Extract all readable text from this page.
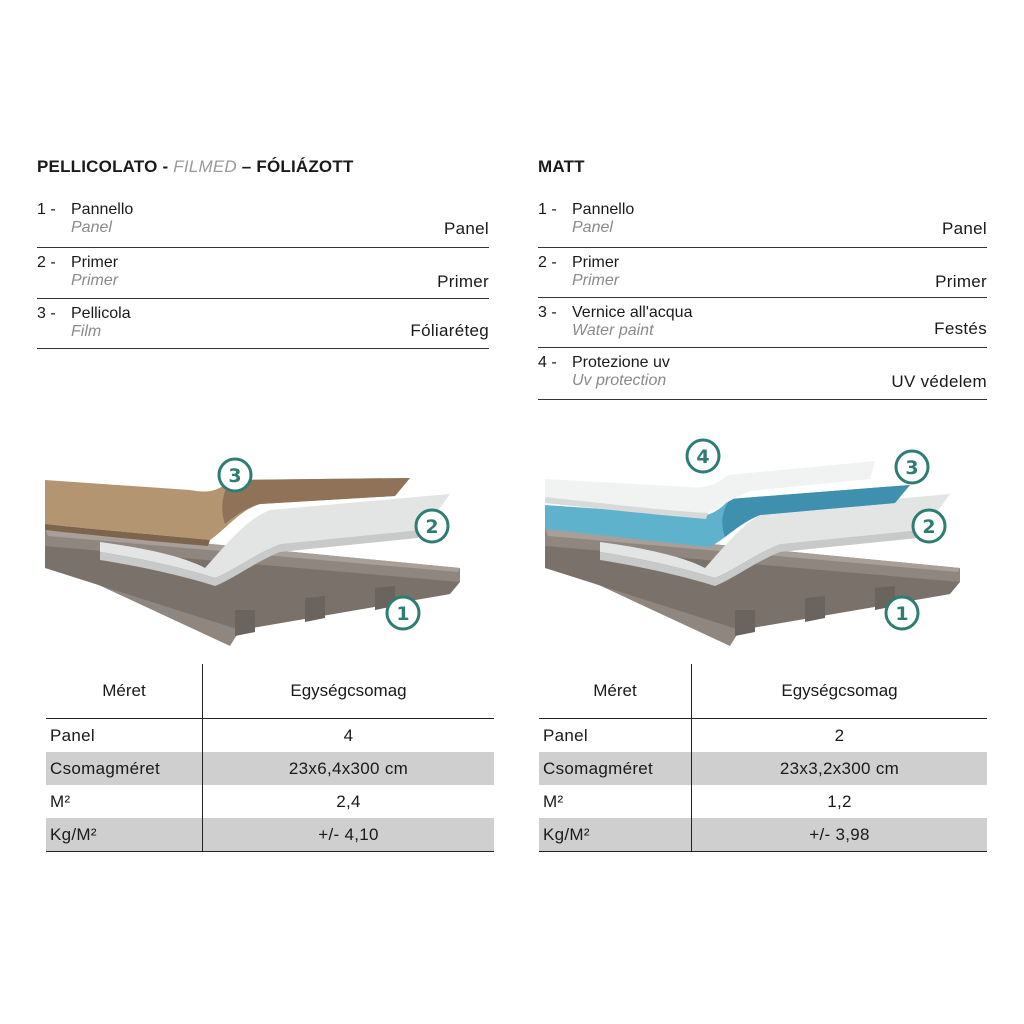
PELLICOLATO - FILMED – FÓLIÁZOTT
1 - Pannello
Panel	Panel
2 - Primer
Primer	Primer
3 - Pellicola
Film	Fóliaréteg
3
2
1
Méret	Egységcsomag
Panel	4
Csomagméret	23x6,4x300 cm
M²	2,4
Kg/M²	+/- 4,10
MATT
1 - Pannello
Panel	Panel
2 - Primer
Primer	Primer
3 - Vernice all'acqua
Water paint	Festés
4 - Protezione uv
Uv protection	UV védelem
4	3
2
1
Méret	Egységcsomag
Panel	2
Csomagméret	23x3,2x300 cm
M²	1,2
Kg/M²	+/- 3,98
